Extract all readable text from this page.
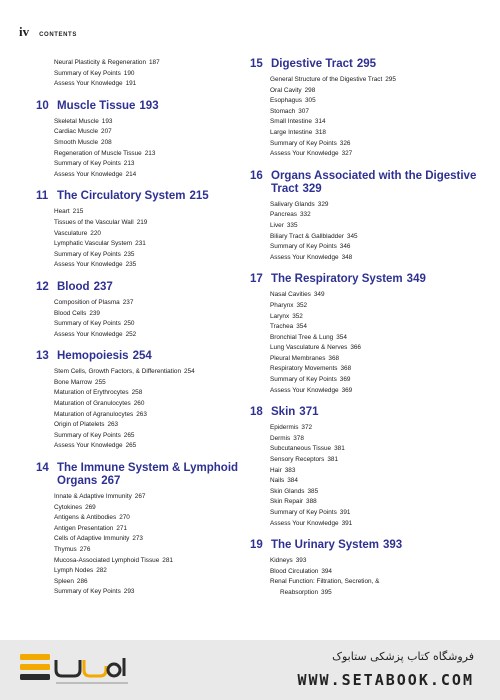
iv CONTENTS
Neural Plasticity & Regeneration 187
Summary of Key Points 190
Assess Your Knowledge 191
10 Muscle Tissue 193
Skeletal Muscle 193
Cardiac Muscle 207
Smooth Muscle 208
Regeneration of Muscle Tissue 213
Summary of Key Points 213
Assess Your Knowledge 214
11 The Circulatory System 215
Heart 215
Tissues of the Vascular Wall 219
Vasculature 220
Lymphatic Vascular System 231
Summary of Key Points 235
Assess Your Knowledge 235
12 Blood 237
Composition of Plasma 237
Blood Cells 239
Summary of Key Points 250
Assess Your Knowledge 252
13 Hemopoiesis 254
Stem Cells, Growth Factors, & Differentiation 254
Bone Marrow 255
Maturation of Erythrocytes 258
Maturation of Granulocytes 260
Maturation of Agranulocytes 263
Origin of Platelets 263
Summary of Key Points 265
Assess Your Knowledge 265
14 The Immune System & Lymphoid Organs 267
Innate & Adaptive Immunity 267
Cytokines 269
Antigens & Antibodies 270
Antigen Presentation 271
Cells of Adaptive Immunity 273
Thymus 276
Mucosa-Associated Lymphoid Tissue 281
Lymph Nodes 282
Spleen 286
Summary of Key Points 293
15 Digestive Tract 295
General Structure of the Digestive Tract 295
Oral Cavity 298
Esophagus 305
Stomach 307
Small Intestine 314
Large Intestine 318
Summary of Key Points 326
Assess Your Knowledge 327
16 Organs Associated with the Digestive Tract 329
Salivary Glands 329
Pancreas 332
Liver 335
Biliary Tract & Gallbladder 345
Summary of Key Points 346
Assess Your Knowledge 348
17 The Respiratory System 349
Nasal Cavities 349
Pharynx 352
Larynx 352
Trachea 354
Bronchial Tree & Lung 354
Lung Vasculature & Nerves 366
Pleural Membranes 368
Respiratory Movements 368
Summary of Key Points 369
Assess Your Knowledge 369
18 Skin 371
Epidermis 372
Dermis 378
Subcutaneous Tissue 381
Sensory Receptors 381
Hair 383
Nails 384
Skin Glands 385
Skin Repair 388
Summary of Key Points 391
Assess Your Knowledge 391
19 The Urinary System 393
Kidneys 393
Blood Circulation 394
Renal Function: Filtration, Secretion, &
Reabsorption 395
فروشگاه کتاب پزشکی ستابوک
WWW.SETABOOK.COM
